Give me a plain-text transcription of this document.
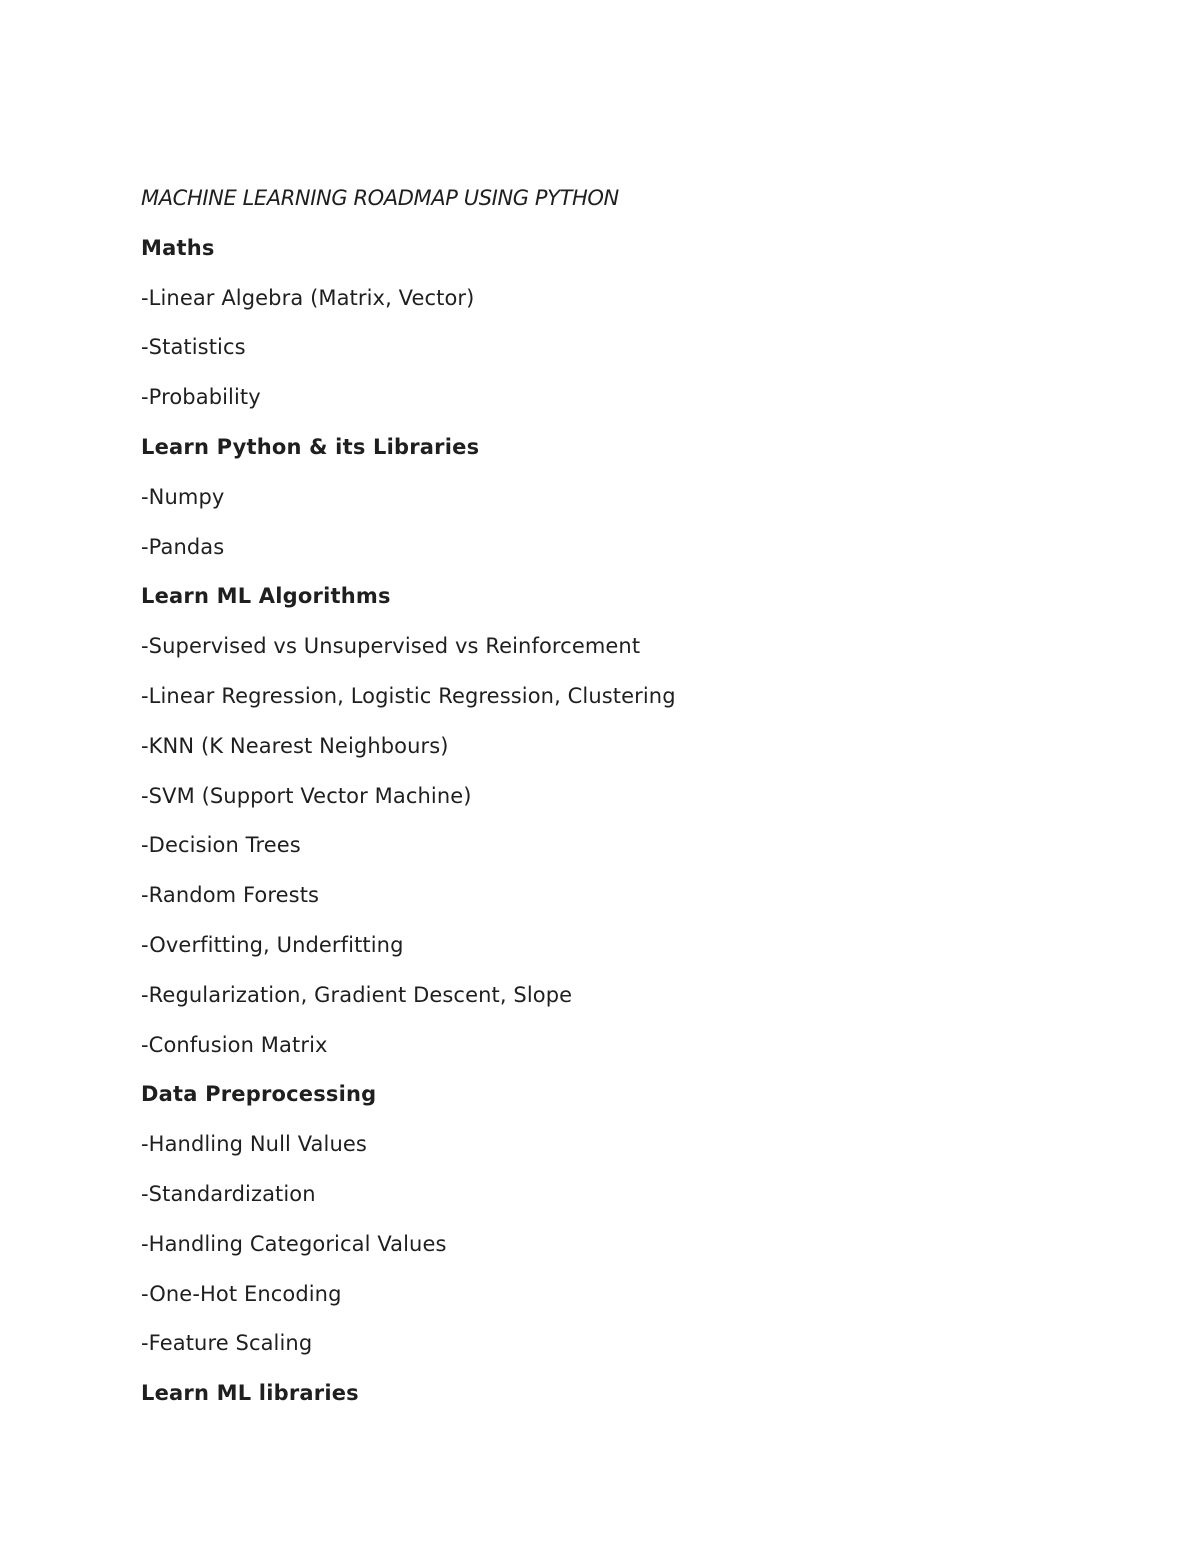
MACHINE LEARNING ROADMAP USING PYTHON
Maths
-Linear Algebra (Matrix, Vector)
-Statistics
-Probability
Learn Python & its Libraries
-Numpy
-Pandas
Learn ML Algorithms
-Supervised vs Unsupervised vs Reinforcement
-Linear Regression, Logistic Regression, Clustering
-KNN (K Nearest Neighbours)
-SVM (Support Vector Machine)
-Decision Trees
-Random Forests
-Overfitting, Underfitting
-Regularization, Gradient Descent, Slope
-Confusion Matrix
Data Preprocessing
-Handling Null Values
-Standardization
-Handling Categorical Values
-One-Hot Encoding
-Feature Scaling
Learn ML libraries
